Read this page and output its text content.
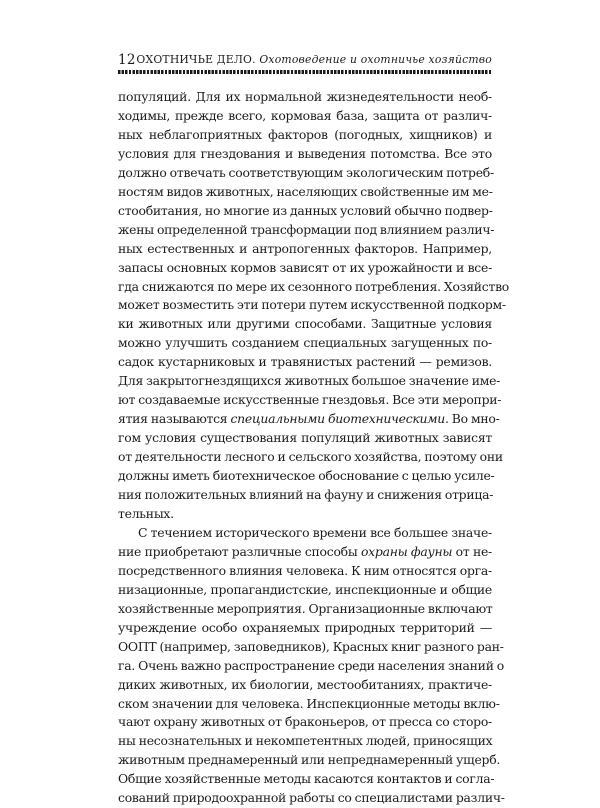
12 ОХОТНИЧЬЕ ДЕЛО. Охотоведение и охотничье хозяйство

популяций. Для их нормальной жизнедеятельности необ-
ходимы, прежде всего, кормовая база, защита от различ-
ных неблагоприятных факторов (погодных, хищников) и
условия для гнездования и выведения потомства. Все это
должно отвечать соответствующим экологическим потреб-
ностям видов животных, населяющих свойственные им ме-
стообитания, но многие из данных условий обычно подвер-
жены определенной трансформации под влиянием различ-
ных естественных и антропогенных факторов. Например,
запасы основных кормов зависят от их урожайности и все-
гда снижаются по мере их сезонного потребления. Хозяйство
может возместить эти потери путем искусственной подкорм-
ки животных или другими способами. Защитные условия
можно улучшить созданием специальных загущенных по-
садок кустарниковых и травянистых растений — ремизов.
Для закрытогнездящихся животных большое значение име-
ют создаваемые искусственные гнездовья. Все эти меропри-
ятия называются специальными биотехническими. Во мно-
гом условия существования популяций животных зависят
от деятельности лесного и сельского хозяйства, поэтому они
должны иметь биотехническое обоснование с целью усиле-
ния положительных влияний на фауну и снижения отрица-
тельных.

С течением исторического времени все большее значе-
ние приобретают различные способы охраны фауны от не-
посредственного влияния человека. К ним относятся орга-
низационные, пропагандистские, инспекционные и общие
хозяйственные мероприятия. Организационные включают
учреждение особо охраняемых природных территорий —
ООПТ (например, заповедников), Красных книг разного ран-
га. Очень важно распространение среди населения знаний о
диких животных, их биологии, местообитаниях, практиче-
ском значении для человека. Инспекционные методы вклю-
чают охрану животных от браконьеров, от пресса со сторо-
ны несознательных и некомпетентных людей, приносящих
животным преднамеренный или непреднамеренный ущерб.
Общие хозяйственные методы касаются контактов и согла-
сований природоохранной работы со специалистами различ-
